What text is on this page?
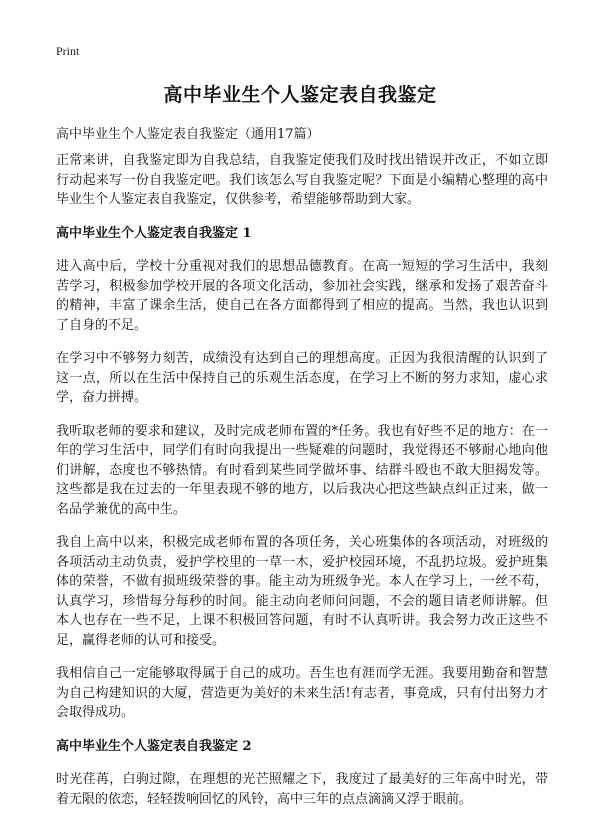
Print
高中毕业生个人鉴定表自我鉴定
高中毕业生个人鉴定表自我鉴定（通用17篇）

正常来讲，自我鉴定即为自我总结，自我鉴定使我们及时找出错误并改正，不如立即行动起来写一份自我鉴定吧。我们该怎么写自我鉴定呢？下面是小编精心整理的高中毕业生个人鉴定表自我鉴定，仅供参考，希望能够帮助到大家。

高中毕业生个人鉴定表自我鉴定 1

进入高中后，学校十分重视对我们的思想品德教育。在高一短短的学习生活中，我刻苦学习，积极参加学校开展的各项文化活动，参加社会实践，继承和发扬了艰苦奋斗的精神，丰富了课余生活，使自己在各方面都得到了相应的提高。当然，我也认识到了自身的不足。

在学习中不够努力刻苦，成绩没有达到自己的理想高度。正因为我很清醒的认识到了这一点，所以在生活中保持自己的乐观生活态度，在学习上不断的努力求知，虚心求学，奋力拼搏。

我听取老师的要求和建议，及时完成老师布置的*任务。我也有好些不足的地方：在一年的学习生活中，同学们有时向我提出一些疑难的问题时，我觉得还不够耐心地向他们讲解，态度也不够热情。有时看到某些同学做坏事、结群斗殴也不敢大胆揭发等。这些都是我在过去的一年里表现不够的地方，以后我决心把这些缺点纠正过来，做一名品学兼优的高中生。

我自上高中以来，积极完成老师布置的各项任务，关心班集体的各项活动，对班级的各项活动主动负责，爱护学校里的一草一木，爱护校园环境，不乱扔垃圾。爱护班集体的荣誉，不做有损班级荣誉的事。能主动为班级争光。本人在学习上，一丝不苟，认真学习，珍惜每分每秒的时间。能主动向老师问问题，不会的题目请老师讲解。但本人也存在一些不足，上课不积极回答问题，有时不认真听讲。我会努力改正这些不足，赢得老师的认可和接受。

我相信自己一定能够取得属于自己的成功。吾生也有涯而学无涯。我要用勤奋和智慧为自己构建知识的大厦，营造更为美好的未来生活!有志者，事竟成，只有付出努力才会取得成功。

高中毕业生个人鉴定表自我鉴定 2

时光荏苒，白驹过隙，在理想的光芒照耀之下，我度过了最美好的三年高中时光，带着无限的依恋，轻轻拨响回忆的风铃，高中三年的点点滴滴又浮于眼前。
